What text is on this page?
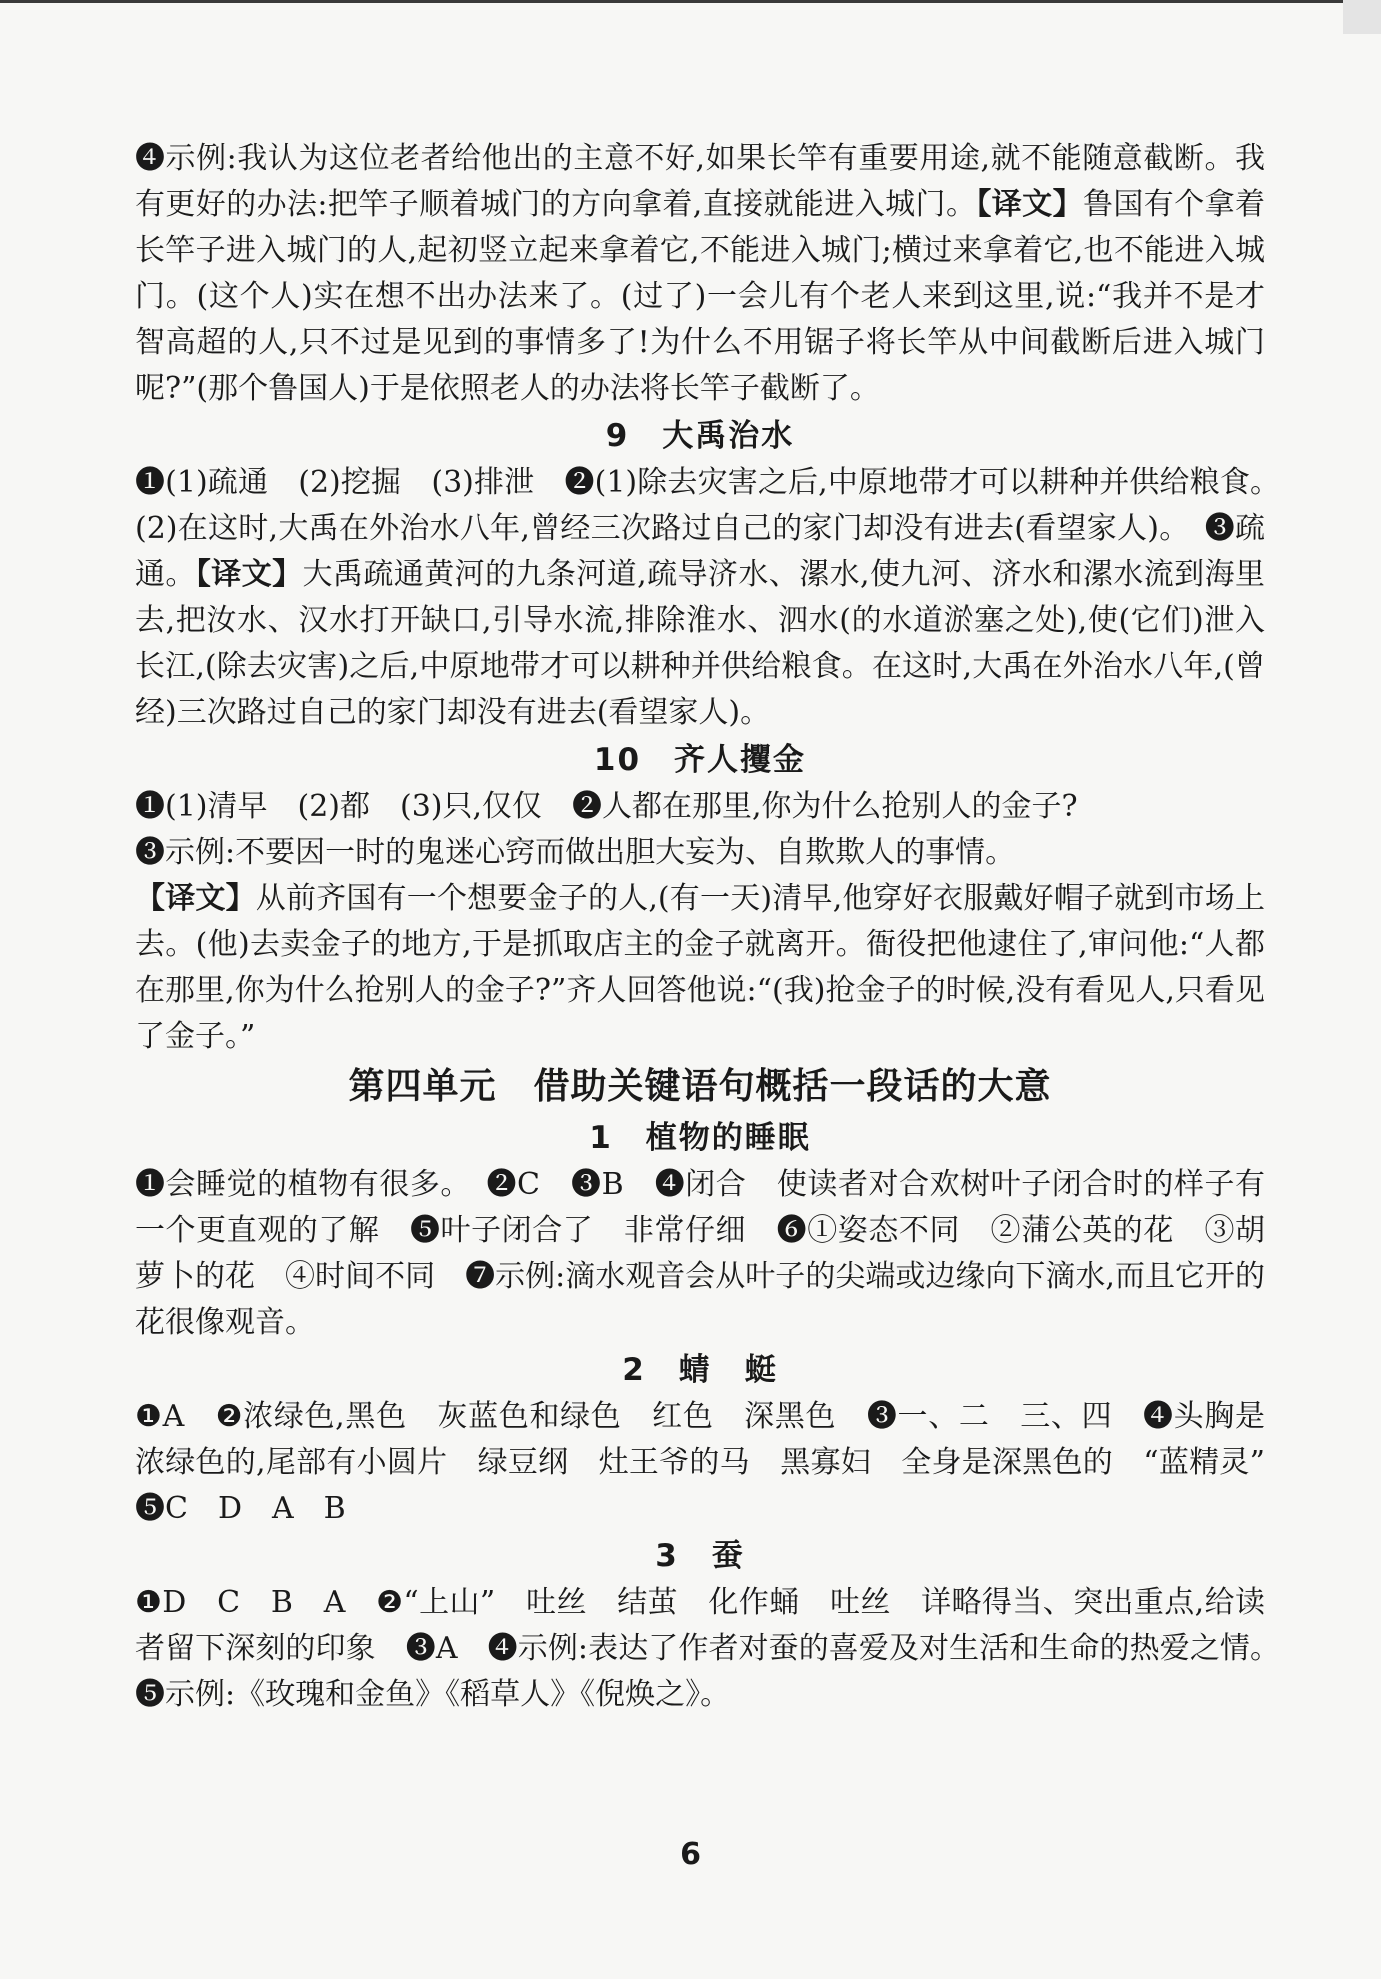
❹示例:我认为这位老者给他出的主意不好,如果长竿有重要用途,就不能随意截断。我有更好的办法:把竿子顺着城门的方向拿着,直接就能进入城门。【译文】鲁国有个拿着长竿子进入城门的人,起初竖立起来拿着它,不能进入城门;横过来拿着它,也不能进入城门。(这个人)实在想不出办法来了。(过了)一会儿有个老人来到这里,说:“我并不是才智高超的人,只不过是见到的事情多了!为什么不用锯子将长竿从中间截断后进入城门呢?”(那个鲁国人)于是依照老人的办法将长竿子截断了。

9　大禹治水

❶(1)疏通　(2)挖掘　(3)排泄　❷(1)除去灾害之后,中原地带才可以耕种并供给粮食。　(2)在这时,大禹在外治水八年,曾经三次路过自己的家门却没有进去(看望家人)。　❸疏通。【译文】大禹疏通黄河的九条河道,疏导济水、漯水,使九河、济水和漯水流到海里去,把汝水、汉水打开缺口,引导水流,排除淮水、泗水(的水道淤塞之处),使(它们)泄入长江,(除去灾害)之后,中原地带才可以耕种并供给粮食。在这时,大禹在外治水八年,(曾经)三次路过自己的家门却没有进去(看望家人)。

10　齐人攫金

❶(1)清早　(2)都　(3)只,仅仅　❷人都在那里,你为什么抢别人的金子?

❸示例:不要因一时的鬼迷心窍而做出胆大妄为、自欺欺人的事情。

【译文】从前齐国有一个想要金子的人,(有一天)清早,他穿好衣服戴好帽子就到市场上去。(他)去卖金子的地方,于是抓取店主的金子就离开。衙役把他逮住了,审问他:“人都在那里,你为什么抢别人的金子?”齐人回答他说:“(我)抢金子的时候,没有看见人,只看见了金子。”

第四单元　借助关键语句概括一段话的大意
1　植物的睡眠

❶会睡觉的植物有很多。　❷C　❸B　❹闭合　使读者对合欢树叶子闭合时的样子有一个更直观的了解　❺叶子闭合了　非常仔细　❻①姿态不同　②蒲公英的花　③胡萝卜的花　④时间不同　❼示例:滴水观音会从叶子的尖端或边缘向下滴水,而且它开的花很像观音。

2　蜻　蜓

❶A　❷浓绿色,黑色　灰蓝色和绿色　红色　深黑色　❸一、二　三、四　❹头胸是浓绿色的,尾部有小圆片　绿豆纲　灶王爷的马　黑寡妇　全身是深黑色的　“蓝精灵”　❺C　D　A　B

3　蚕

❶D　C　B　A　❷“上山”　吐丝　结茧　化作蛹　吐丝　详略得当、突出重点,给读者留下深刻的印象　❸A　❹示例:表达了作者对蚕的喜爱及对生活和生命的热爱之情。　❺示例:《玫瑰和金鱼》《稻草人》《倪焕之》。

6
